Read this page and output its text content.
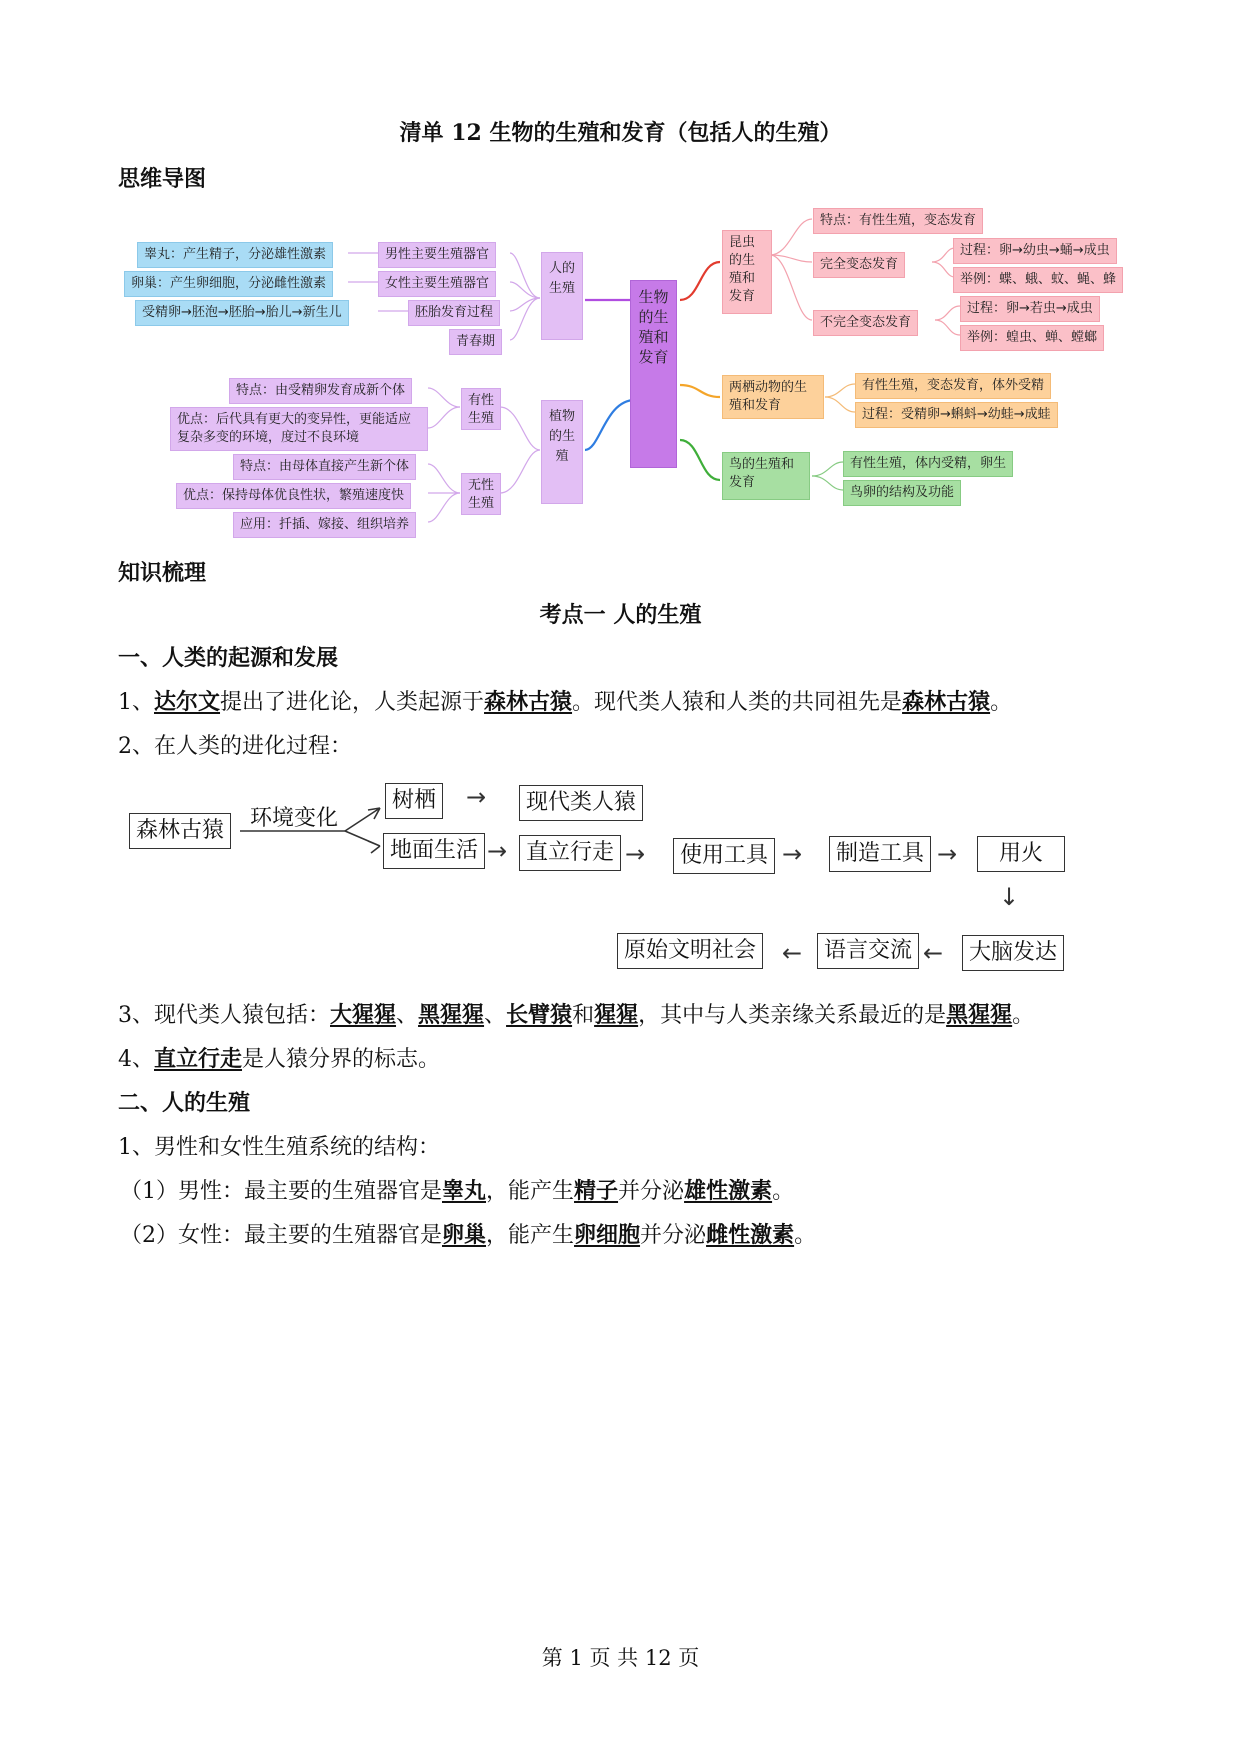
清单 12 生物的生殖和发育（包括人的生殖）
思维导图
生物的生殖和发育
人的生殖
男性主要生殖器官
女性主要生殖器官
胚胎发育过程
青春期
睾丸：产生精子，分泌雄性激素
卵巢：产生卵细胞，分泌雌性激素
受精卵→胚泡→胚胎→胎儿→新生儿
植物的生殖
有性生殖
无性生殖
特点：由受精卵发育成新个体
优点：后代具有更大的变异性，更能适应复杂多变的环境，度过不良环境
特点：由母体直接产生新个体
优点：保持母体优良性状，繁殖速度快
应用：扦插、嫁接、组织培养
昆虫的生殖和发育
特点：有性生殖，变态发育
完全变态发育
过程：卵→幼虫→蛹→成虫
举例：蝶、蛾、蚊、蝇、蜂
不完全变态发育
过程：卵→若虫→成虫
举例：蝗虫、蝉、螳螂
两栖动物的生殖和发育
有性生殖，变态发育，体外受精
过程：受精卵→蝌蚪→幼蛙→成蛙
鸟的生殖和发育
有性生殖，体内受精，卵生
鸟卵的结构及功能
知识梳理
考点一 人的生殖
一、人类的起源和发展
1、达尔文提出了进化论，人类起源于森林古猿。现代类人猿和人类的共同祖先是森林古猿。
2、在人类的进化过程：
森林古猿	环境变化
树栖 →	现代类人猿
地面生活 → 直立行走 →	使用工具 →	制造工具 →	用火
↓
大脑发达
←
语言交流
←
原始文明社会
3、现代类人猿包括：大猩猩、黑猩猩、长臂猿和猩猩，其中与人类亲缘关系最近的是黑猩猩。
4、直立行走是人猿分界的标志。
二、人的生殖
1、男性和女性生殖系统的结构：
（1）男性：最主要的生殖器官是睾丸，能产生精子并分泌雄性激素。
（2）女性：最主要的生殖器官是卵巢，能产生卵细胞并分泌雌性激素。
第 1 页 共 12 页
